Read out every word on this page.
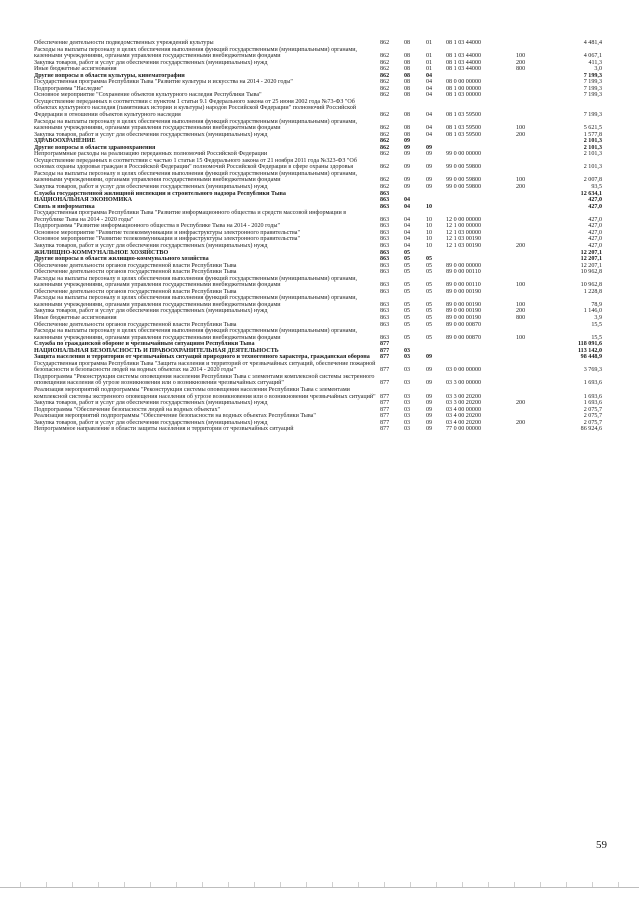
Обеспечение деятельности подведомственных учреждений культуры	862	08	01	08 1 03 44000		4 481,4
Расходы на выплаты персоналу в целях обеспечения выполнения функций государственными (муниципальными) органами, казенными учреждениями, органами управления государственными внебюджетными фондами	862	08	01	08 1 03 44000	100	4 067,1
Закупка товаров, работ и услуг для обеспечения государственных (муниципальных) нужд	862	08	01	08 1 03 44000	200	411,3
Иные бюджетные ассигнования	862	08	01	08 1 03 44000	800	3,0
Другие вопросы в области культуры, кинематографии	862	08	04			7 199,3
Государственная программа Республики Тыва "Развитие культуры и искусства на 2014 - 2020 годы"	862	08	04	08 0 00 00000		7 199,3
Подпрограмма "Наследие"	862	08	04	08 1 00 00000		7 199,3
Основное мероприятие "Сохранение объектов культурного наследия Республики Тыва"	862	08	04	08 1 03 00000		7 199,3
Осуществление переданных в соответствии с пунктом 1 статьи 9.1 Федерального закона от 25 июня 2002 года №73-ФЗ "Об объектах культурного наследия (памятниках истории и культуры) народов Российской Федерации" полномочий Российской Федерации в отношении объектов культурного наследия	862	08	04	08 1 03 59500		7 199,3
Расходы на выплаты персоналу в целях обеспечения выполнения функций государственными (муниципальными) органами, казенными учреждениями, органами управления государственными внебюджетными фондами	862	08	04	08 1 03 59500	100	5 621,5
Закупка товаров, работ и услуг для обеспечения государственных (муниципальных) нужд	862	08	04	08 1 03 59500	200	1 577,8
ЗДРАВООХРАНЕНИЕ	862	09				2 101,3
Другие вопросы в области здравоохранения	862	09	09			2 101,3
Непрограммные расходы на реализацию переданных полномочий Российской Федерации	862	09	09	99 0 00 00000		2 101,3
Осуществление переданных в соответствии с частью 1 статьи 15 Федерального закона от 21 ноября 2011 года №323-ФЗ "Об основах охраны здоровья граждан в Российской Федерации" полномочий Российской Федерации в сфере охраны здоровья	862	09	09	99 0 00 59800		2 101,3
Расходы на выплаты персоналу в целях обеспечения выполнения функций государственными (муниципальными) органами, казенными учреждениями, органами управления государственными внебюджетными фондами	862	09	09	99 0 00 59800	100	2 007,8
Закупка товаров, работ и услуг для обеспечения государственных (муниципальных) нужд	862	09	09	99 0 00 59800	200	93,5
Служба государственной жилищной инспекции и строительного надзора Республики Тыва	863					12 634,1
НАЦИОНАЛЬНАЯ ЭКОНОМИКА	863	04				427,0
Связь и информатика	863	04	10			427,0
Государственная программа Республики Тыва "Развитие информационного общества и средств массовой информации в Республике Тыва на 2014 - 2020 годы"	863	04	10	12 0 00 00000		427,0
Подпрограмма "Развитие информационного общества в Республике Тыва на 2014 - 2020 годы"	863	04	10	12 1 00 00000		427,0
Основное мероприятие "Развитие телекоммуникации и инфраструктуры электронного правительства"	863	04	10	12 1 03 00000		427,0
Основное мероприятие "Развитие телекоммуникации и инфраструктуры электронного правительства"	863	04	10	12 1 03 00190		427,0
Закупка товаров, работ и услуг для обеспечения государственных (муниципальных) нужд	863	04	10	12 1 03 00190	200	427,0
ЖИЛИЩНО-КОММУНАЛЬНОЕ ХОЗЯЙСТВО	863	05				12 207,1
Другие вопросы в области жилищно-коммунального хозяйства	863	05	05			12 207,1
Обеспечение деятельности органов государственной власти Республики Тыва	863	05	05	89 0 00 00000		12 207,1
Обеспечение деятельности органов государственной власти Республики Тыва	863	05	05	89 0 00 00110		10 962,8
Расходы на выплаты персоналу в целях обеспечения выполнения функций государственными (муниципальными) органами, казенными учреждениями, органами управления государственными внебюджетными фондами	863	05	05	89 0 00 00110	100	10 962,8
Обеспечение деятельности органов государственной власти Республики Тыва	863	05	05	89 0 00 00190		1 228,8
Расходы на выплаты персоналу в целях обеспечения выполнения функций государственными (муниципальными) органами, казенными учреждениями, органами управления государственными внебюджетными фондами	863	05	05	89 0 00 00190	100	78,9
Закупка товаров, работ и услуг для обеспечения государственных (муниципальных) нужд	863	05	05	89 0 00 00190	200	1 146,0
Иные бюджетные ассигнования	863	05	05	89 0 00 00190	800	3,9
Обеспечение деятельности органов государственной власти Республики Тыва	863	05	05	89 0 00 00870		15,5
Расходы на выплаты персоналу в целях обеспечения выполнения функций государственными (муниципальными) органами, казенными учреждениями, органами управления государственными внебюджетными фондами	863	05	05	89 0 00 00870	100	15,5
Служба по гражданской обороне и чрезвычайным ситуациям Республики Тыва	877					118 091,6
НАЦИОНАЛЬНАЯ БЕЗОПАСНОСТЬ И ПРАВООХРАНИТЕЛЬНАЯ ДЕЯТЕЛЬНОСТЬ	877	03				113 142,0
Защита населения и территории от чрезвычайных ситуаций природного и техногенного характера, гражданская оборона	877	03	09			98 448,9
Государственная программа Республики Тыва "Защита населения и территорий от чрезвычайных ситуаций, обеспечение пожарной безопасности и безопасности людей на водных объектах на 2014 - 2020 годы"	877	03	09	03 0 00 00000		3 769,3
Подпрограмма "Реконструкция системы оповещения населения Республики Тыва с элементами комплексной системы экстренного оповещения населения об угрозе возникновения или о возникновении чрезвычайных ситуаций"	877	03	09	03 3 00 00000		1 693,6
Реализация мероприятий подпрограммы "Реконструкция системы оповещения населения Республики Тыва с элементами комплексной системы экстренного оповещения населения об угрозе возникновения или о возникновении чрезвычайных ситуаций"	877	03	09	03 3 00 20200		1 693,6
Закупка товаров, работ и услуг для обеспечения государственных (муниципальных) нужд	877	03	09	03 3 00 20200	200	1 693,6
Подпрограмма "Обеспечение безопасности людей на водных объектах"	877	03	09	03 4 00 00000		2 075,7
Реализация мероприятий подпрограммы "Обеспечение безопасности на водных объектах Республики Тыва"	877	03	09	03 4 00 20200		2 075,7
Закупка товаров, работ и услуг для обеспечения государственных (муниципальных) нужд	877	03	09	03 4 00 20200	200	2 075,7
Непрограммное направление в области защиты населения и территории от чрезвычайных ситуаций	877	03	09	77 0 00 00000		86 924,6
59
